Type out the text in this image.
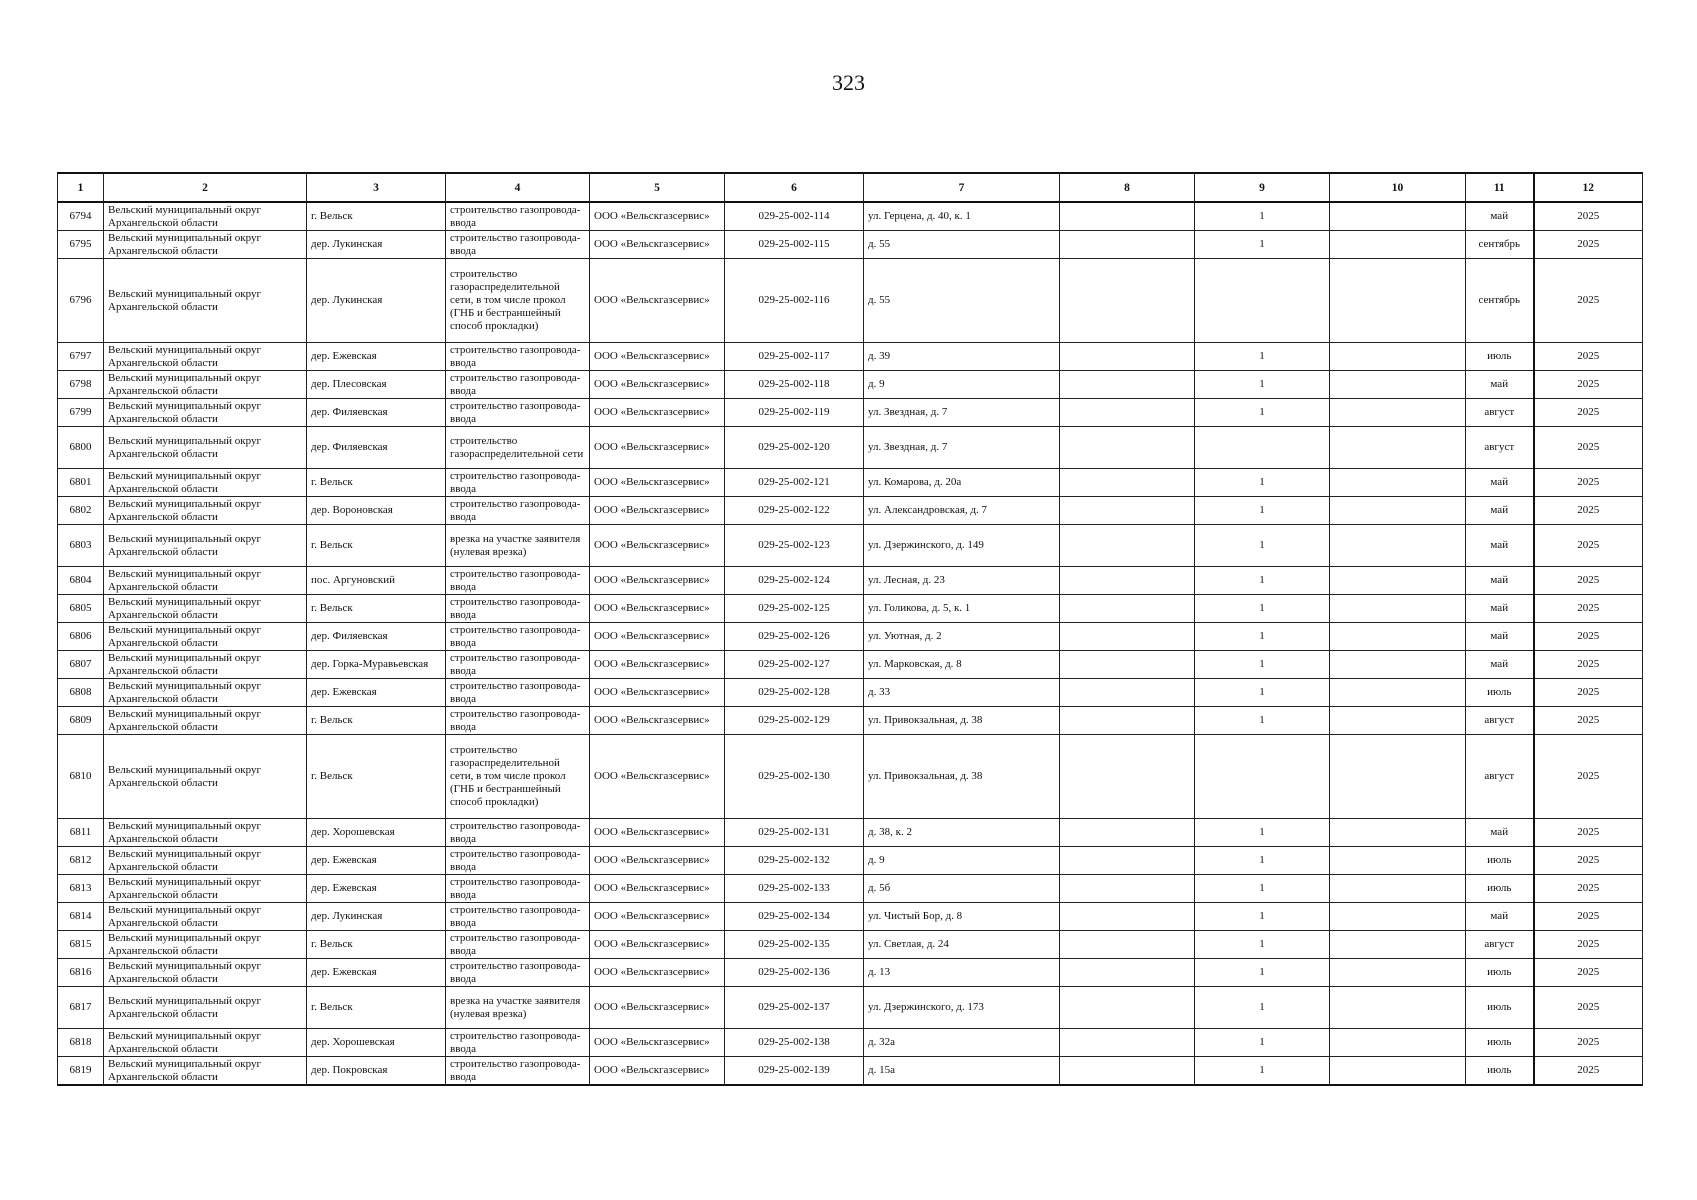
323
1	2	3	4	5	6	7	8	9	10	11	12
6794	Вельский муниципальный округ Архангельской области	г. Вельск	строительство газопровода-ввода	ООО «Вельскгазсервис»	029-25-002-114	ул. Герцена, д. 40, к. 1		1		май	2025
6795	Вельский муниципальный округ Архангельской области	дер. Лукинская	строительство газопровода-ввода	ООО «Вельскгазсервис»	029-25-002-115	д. 55		1		сентябрь	2025
6796	Вельский муниципальный округ Архангельской области	дер. Лукинская	строительство газораспределительной сети, в том числе прокол (ГНБ и бестраншейный способ прокладки)	ООО «Вельскгазсервис»	029-25-002-116	д. 55				сентябрь	2025
6797	Вельский муниципальный округ Архангельской области	дер. Ежевская	строительство газопровода-ввода	ООО «Вельскгазсервис»	029-25-002-117	д. 39		1		июль	2025
6798	Вельский муниципальный округ Архангельской области	дер. Плесовская	строительство газопровода-ввода	ООО «Вельскгазсервис»	029-25-002-118	д. 9		1		май	2025
6799	Вельский муниципальный округ Архангельской области	дер. Филяевская	строительство газопровода-ввода	ООО «Вельскгазсервис»	029-25-002-119	ул. Звездная, д. 7		1		август	2025
6800	Вельский муниципальный округ Архангельской области	дер. Филяевская	строительство газораспределительной сети	ООО «Вельскгазсервис»	029-25-002-120	ул. Звездная, д. 7				август	2025
6801	Вельский муниципальный округ Архангельской области	г. Вельск	строительство газопровода-ввода	ООО «Вельскгазсервис»	029-25-002-121	ул. Комарова, д. 20а		1		май	2025
6802	Вельский муниципальный округ Архангельской области	дер. Вороновская	строительство газопровода-ввода	ООО «Вельскгазсервис»	029-25-002-122	ул. Александровская, д. 7		1		май	2025
6803	Вельский муниципальный округ Архангельской области	г. Вельск	врезка на участке заявителя (нулевая врезка)	ООО «Вельскгазсервис»	029-25-002-123	ул. Дзержинского, д. 149		1		май	2025
6804	Вельский муниципальный округ Архангельской области	пос. Аргуновский	строительство газопровода-ввода	ООО «Вельскгазсервис»	029-25-002-124	ул. Лесная, д. 23		1		май	2025
6805	Вельский муниципальный округ Архангельской области	г. Вельск	строительство газопровода-ввода	ООО «Вельскгазсервис»	029-25-002-125	ул. Голикова, д. 5, к. 1		1		май	2025
6806	Вельский муниципальный округ Архангельской области	дер. Филяевская	строительство газопровода-ввода	ООО «Вельскгазсервис»	029-25-002-126	ул. Уютная, д. 2		1		май	2025
6807	Вельский муниципальный округ Архангельской области	дер. Горка-Муравьевская	строительство газопровода-ввода	ООО «Вельскгазсервис»	029-25-002-127	ул. Марковская, д. 8		1		май	2025
6808	Вельский муниципальный округ Архангельской области	дер. Ежевская	строительство газопровода-ввода	ООО «Вельскгазсервис»	029-25-002-128	д. 33		1		июль	2025
6809	Вельский муниципальный округ Архангельской области	г. Вельск	строительство газопровода-ввода	ООО «Вельскгазсервис»	029-25-002-129	ул. Привокзальная, д. 38		1		август	2025
6810	Вельский муниципальный округ Архангельской области	г. Вельск	строительство газораспределительной сети, в том числе прокол (ГНБ и бестраншейный способ прокладки)	ООО «Вельскгазсервис»	029-25-002-130	ул. Привокзальная, д. 38				август	2025
6811	Вельский муниципальный округ Архангельской области	дер. Хорошевская	строительство газопровода-ввода	ООО «Вельскгазсервис»	029-25-002-131	д. 38, к. 2		1		май	2025
6812	Вельский муниципальный округ Архангельской области	дер. Ежевская	строительство газопровода-ввода	ООО «Вельскгазсервис»	029-25-002-132	д. 9		1		июль	2025
6813	Вельский муниципальный округ Архангельской области	дер. Ежевская	строительство газопровода-ввода	ООО «Вельскгазсервис»	029-25-002-133	д. 5б		1		июль	2025
6814	Вельский муниципальный округ Архангельской области	дер. Лукинская	строительство газопровода-ввода	ООО «Вельскгазсервис»	029-25-002-134	ул. Чистый Бор, д. 8		1		май	2025
6815	Вельский муниципальный округ Архангельской области	г. Вельск	строительство газопровода-ввода	ООО «Вельскгазсервис»	029-25-002-135	ул. Светлая, д. 24		1		август	2025
6816	Вельский муниципальный округ Архангельской области	дер. Ежевская	строительство газопровода-ввода	ООО «Вельскгазсервис»	029-25-002-136	д. 13		1		июль	2025
6817	Вельский муниципальный округ Архангельской области	г. Вельск	врезка на участке заявителя (нулевая врезка)	ООО «Вельскгазсервис»	029-25-002-137	ул. Дзержинского, д. 173		1		июль	2025
6818	Вельский муниципальный округ Архангельской области	дер. Хорошевская	строительство газопровода-ввода	ООО «Вельскгазсервис»	029-25-002-138	д. 32а		1		июль	2025
6819	Вельский муниципальный округ Архангельской области	дер. Покровская	строительство газопровода-ввода	ООО «Вельскгазсервис»	029-25-002-139	д. 15а		1		июль	2025
